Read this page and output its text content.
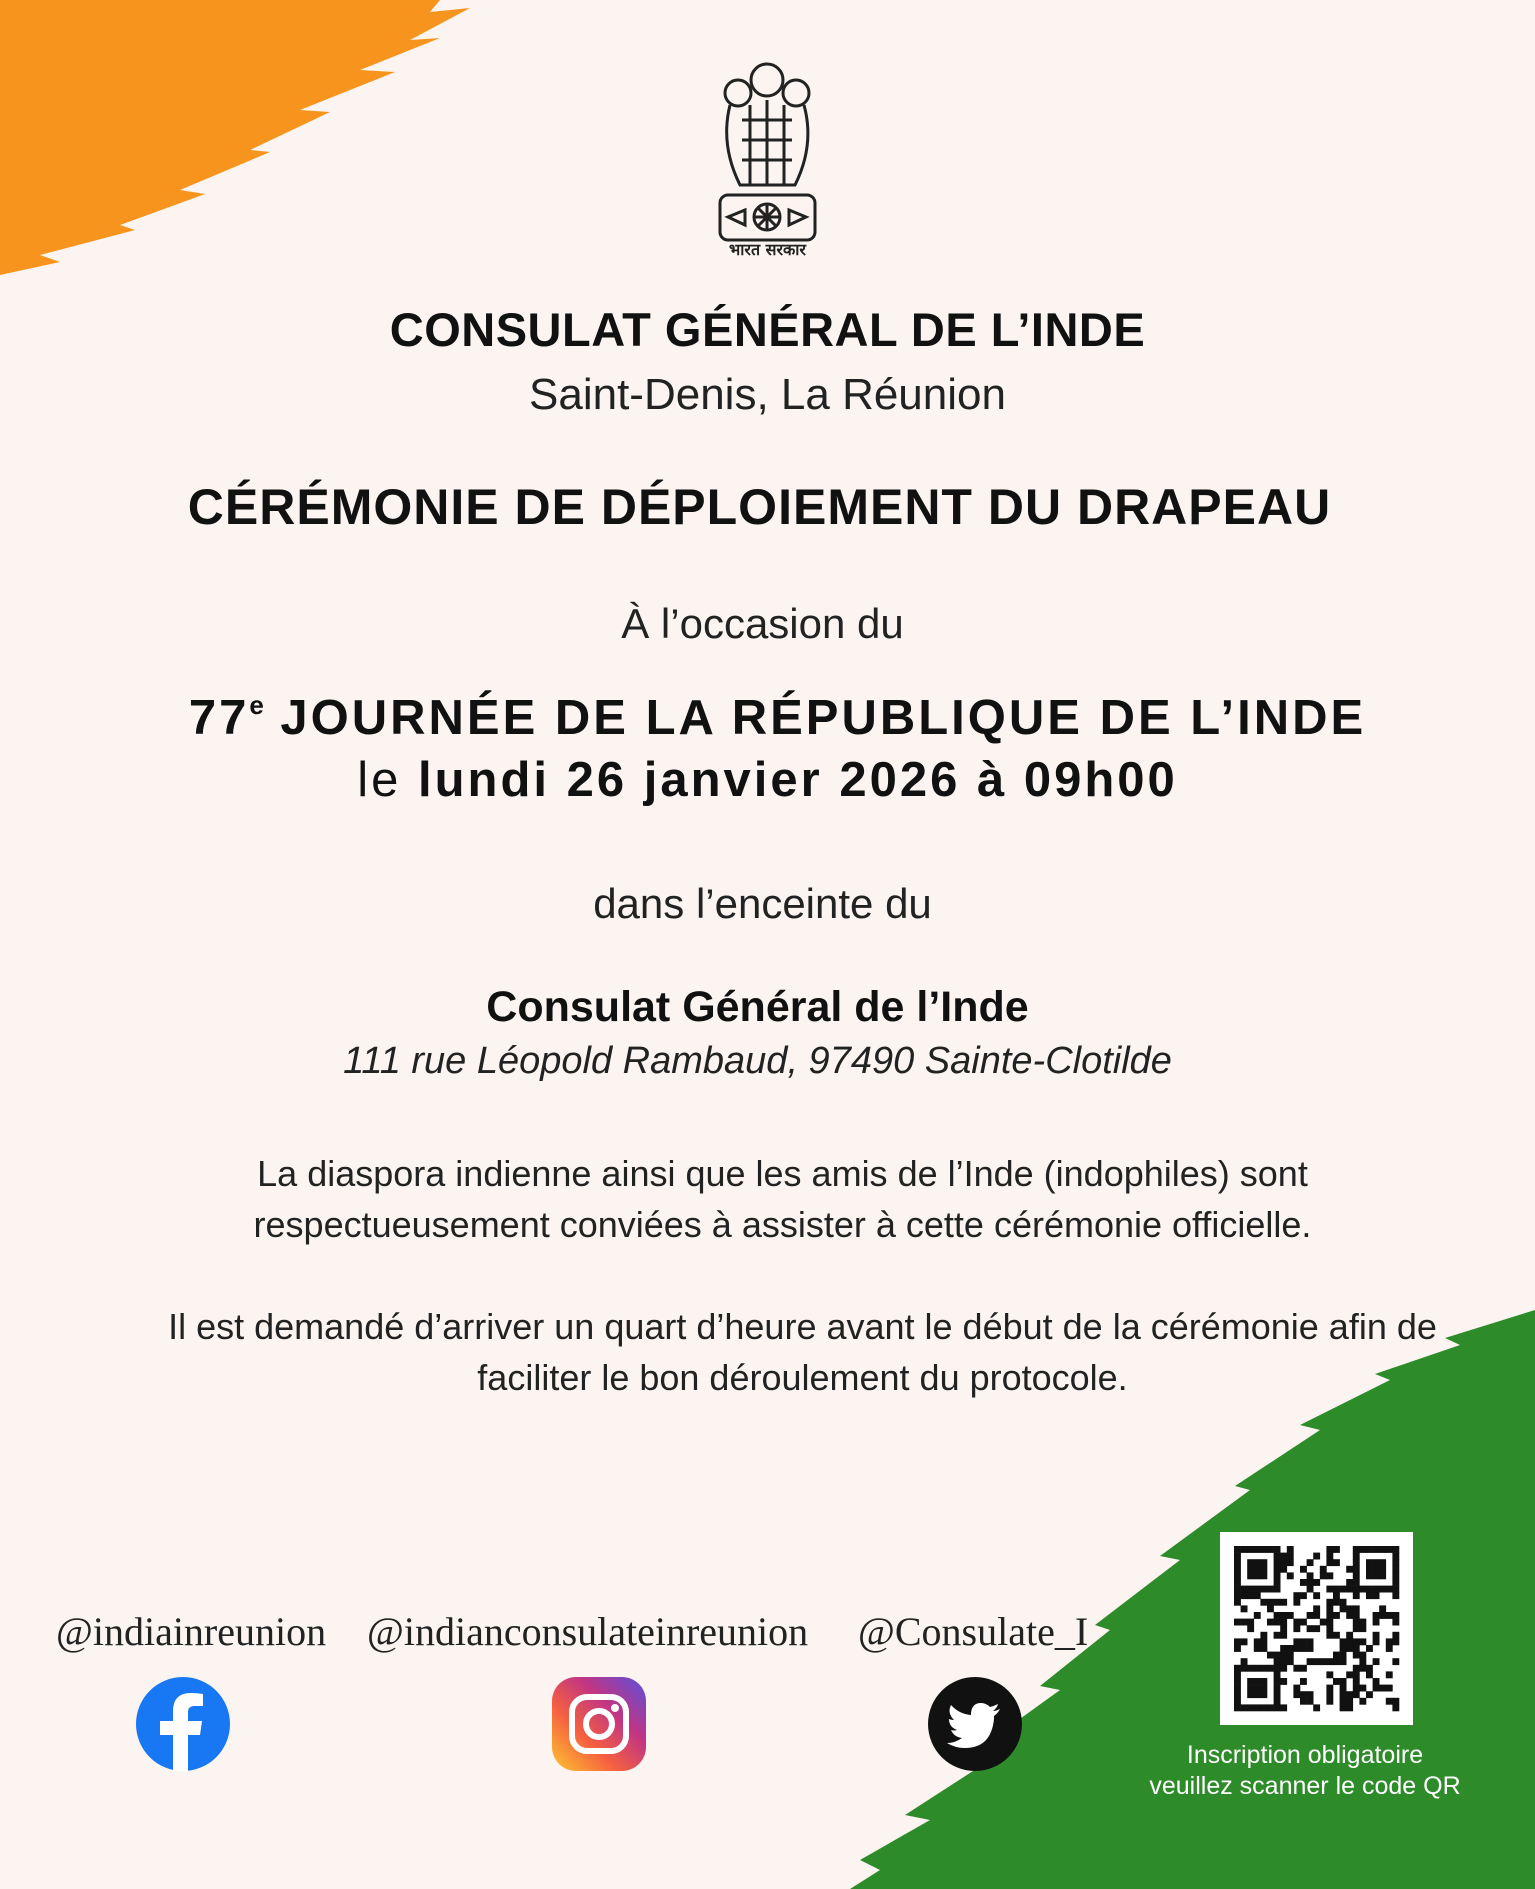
भारत सरकार
CONSULAT GÉNÉRAL DE L’INDE
Saint-Denis, La Réunion
CÉRÉMONIE DE DÉPLOIEMENT DU DRAPEAU
À l’occasion du
77e JOURNÉE DE LA RÉPUBLIQUE DE L’INDE
le lundi 26 janvier 2026 à 09h00
dans l’enceinte du
Consulat Général de l’Inde
111 rue Léopold Rambaud, 97490 Sainte-Clotilde
La diaspora indienne ainsi que les amis de l’Inde (indophiles) sont
respectueusement conviées à assister à cette cérémonie officielle.
Il est demandé d’arriver un quart d’heure avant le début de la cérémonie afin de
faciliter le bon déroulement du protocole.
@indiainreunion @indianconsulateinreunion @Consulate_I
Inscription obligatoire
veuillez scanner le code QR
